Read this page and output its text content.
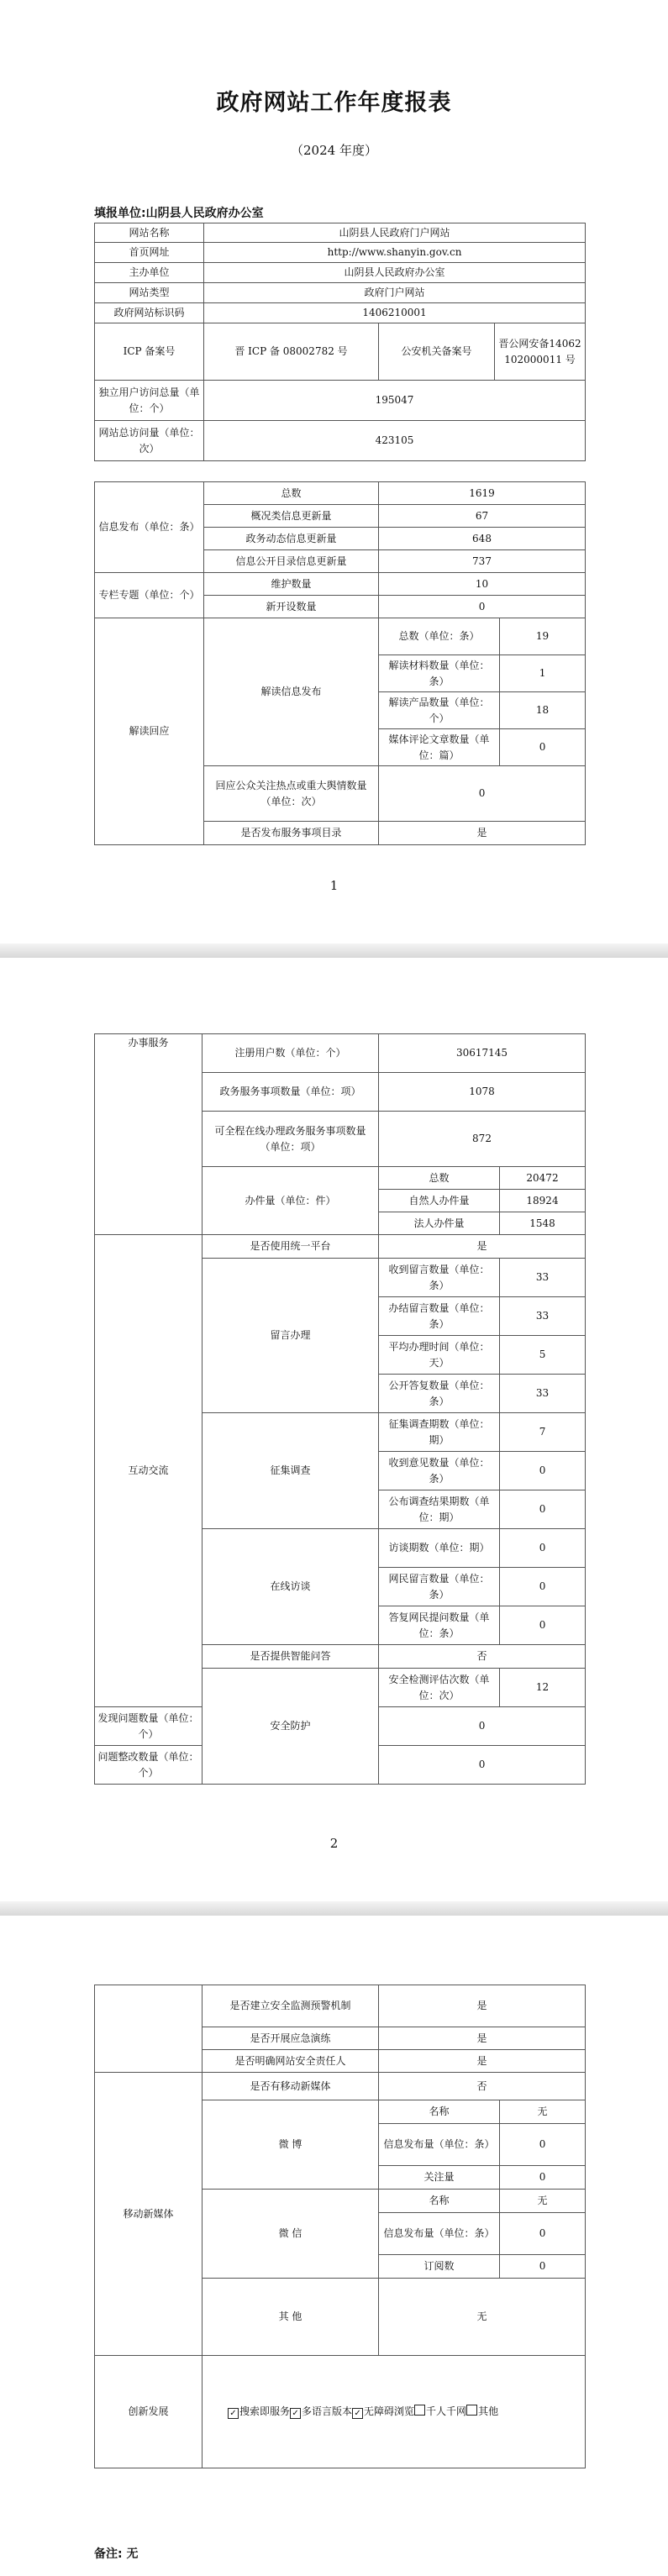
政府网站工作年度报表
（2024 年度）
填报单位:山阴县人民政府办公室
网站名称	山阴县人民政府门户网站		
首页网址	http://www.shanyin.gov.cn		
主办单位	山阴县人民政府办公室		
网站类型	政府门户网站		
政府网站标识码	1406210001		
ICP 备案号	晋 ICP 备 08002782 号	公安机关备案号	晋公网安备14062102000011 号
独立用户访问总量（单位：个）	195047		
网站总访问量（单位：次）	423105		
信息发布（单位：条）	总数	1619	
	概况类信息更新量	67	
	政务动态信息更新量	648	
	信息公开目录信息更新量	737	
专栏专题（单位：个）	维护数量	10	
	新开设数量	0	
解读回应	解读信息发布	总数（单位：条）	19
		解读材料数量（单位：条）	1
		解读产品数量（单位：个）	18
		媒体评论文章数量（单位：篇）	0
	回应公众关注热点或重大舆情数量（单位：次）	0	
	是否发布服务事项目录	是	
1
办事服务	注册用户数（单位：个）	30617145	
	政务服务事项数量（单位：项）	1078	
	可全程在线办理政务服务事项数量（单位：项）	872	
	办件量（单位：件）	总数	20472
		自然人办件量	18924
		法人办件量	1548
互动交流	是否使用统一平台	是	
	留言办理	收到留言数量（单位：条）	33
		办结留言数量（单位：条）	33
		平均办理时间（单位：天）	5
		公开答复数量（单位：条）	33
	征集调查	征集调查期数（单位：期）	7
		收到意见数量（单位：条）	0
		公布调查结果期数（单位：期）	0
	在线访谈	访谈期数（单位：期）	0
		网民留言数量（单位：条）	0
		答复网民提问数量（单位：条）	0
	是否提供智能问答	否	
	安全防护	安全检测评估次数（单位：次）	12
发现问题数量（单位：个）		0	
问题整改数量（单位：个）		0	
2
	是否建立安全监测预警机制	是	
	是否开展应急演练	是	
	是否明确网站安全责任人	是	
移动新媒体	是否有移动新媒体	否	
	微 博	名称	无
		信息发布量（单位：条）	0
		关注量	0
	微 信	名称	无
		信息发布量（单位：条）	0
		订阅数	0
	其 他	无	
创新发展	✓ 搜索即服务 ✓ 多语言版本 ✓ 无障碍浏览 千人千网 其他		
备注: 无
